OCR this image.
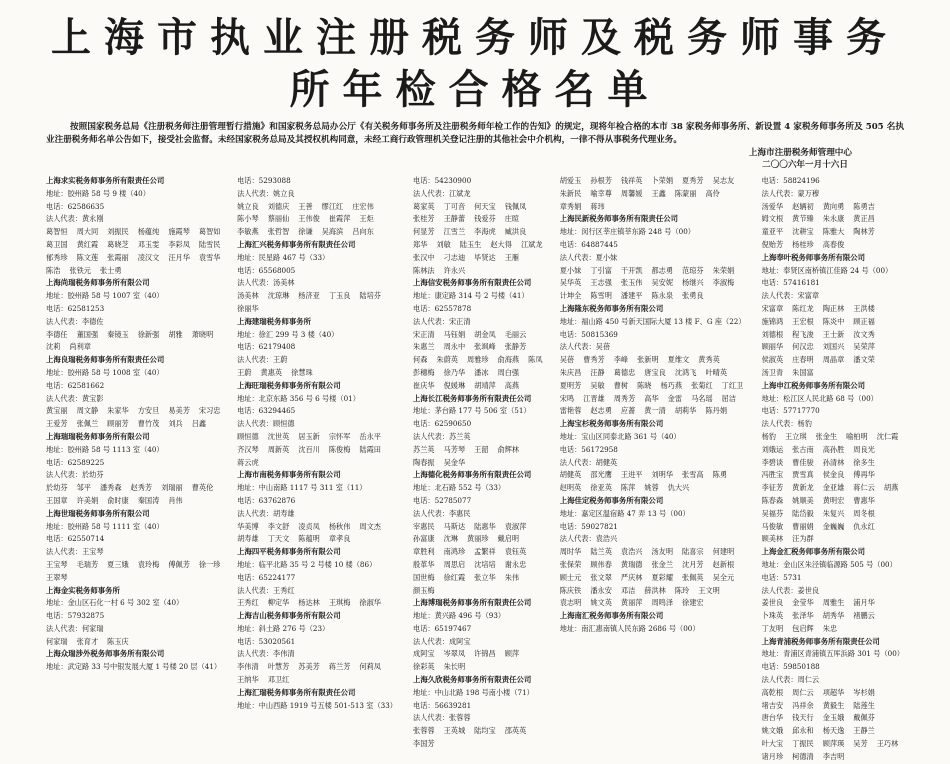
上海市执业注册税务师及税务师事务所年检合格名单
按照国家税务总局《注册税务师注册管理暂行措施》和国家税务总局办公厅《有关税务师事务所及注册税务师年检工作的告知》的规定，现将年检合格的本市 38 家税务师事务所、新设置 4 家税务师事务所及 505 名执业注册税务师名单公告如下，接受社会监督。未经国家税务总局及其授权机构同意，未经工商行政管理机关登记注册的其他社会中介机构，一律不得从事税务代理业务。
上海市注册税务师管理中心
二〇〇六年一月十六日
上海求实税务师事务所有限责任公司
地址：胶州路 58 号 9 楼（40）
电话：62586635
法人代表：黄永刚
葛智恒 周大同 刘振民 杨蕴纯 施霞琴 葛智如
葛卫国 黄红霞 葛晓芝 邓玉雯 李彩凤 陆雪民
郁秀珍 陈文莲 张霞丽 凌汉文 汪月华 袁雪华
陈浩 张铁元 张士勇
上海尚瑞税务师事务所有限公司
地址：胶州路 58 号 1007 室（40）
电话：62581253
法人代表：李德佐
李德任 董国强 秦镜玉 徐新强 胡雅 萧晓明
沈莉 尚利章
上海良瑞税务师事务所有限责任公司
地址：胶州路 58 号 1008 室（40）
电话：62581662
法人代表：黄宝影
黄宝丽 周文静 朱家华 方安旦 易美芳 宋习忠
王爱芳 张佩兰 顾丽芳 曹竹茂 刘兵 吕鑫
上海瑞瑞税务师事务所有限公司
地址：胶州路 58 号 1113 室（40）
电话：62589225
法人代表：於幼芬
於幼芬 邹平 潘秀森 赵秀芳 刘瑞丽 曹英伦
王国章 许美娟 俞时康 秦国涛 肖伟
上海世瑞税务师事务所有限公司
地址：胶州路 58 号 1111 室（40）
电话：62550714
法人代表：王宝琴
王宝琴 毛瑞芳 夏三娥 袁玲梅 傅佩芳 徐一珍
王翠琴
上海金实税务师事务所
地址：金山区石化一村 6 号 302 室（40）
电话：57932875
法人代表：何家瑞
何家瑞 张育才 陈玉庆
上海众瑞涉外税务师事务所有限公司
地址：武定路 33 号中银发展大厦 1 号楼 20 层（41）
电话：5293088
法人代表：姚立良
姚立良 刘德庆 王善 缪江红 庄宏伟
陈小琴 蔡丽仙 王伟俊 崔霞萍 王炬
李敏燕 张哲智 徐谦 吴海滨 吕向东
上海汇兴税务师事务所有限责任公司
地址：民星路 467 号（33）
电话：65568005
法人代表：汤美林
汤美林 沈琼琳 杨济亚 丁玉良 陆培芬
徐丽华
上海建瑞税务师事务所
地址：徐汇 299 号 3 楼（40）
电话：62179408
法人代表：王蔚
王蔚 黄惠英 徐慧珠
上海旺瑞税务师事务所有限公司
地址：北京东路 356 号 6 号楼（01）
电话：63294465
法人代表：顾恒德
顾恒德 沈世英 居玉新 宗怀军 岳永平
齐汉琴 周新英 沈百川 陈俊梅 陆霞田
蒋云虎
上海市南税务师事务所有限公司
地址：中山南路 1117 号 311 室（11）
电话：63762876
法人代表：胡寿雄
华美博 李文舒 凌贞凤 杨秋伟 周文杰
胡寿雄 丁天文 陈蕴明 章孝良
上海四平税务师事务所有限公司
地址：临平北路 35 号 2 号楼 10 楼（86）
电话：65224177
法人代表：王秀红
王秀红 柳定华 杨达林 王琪梅 徐淑华
上海吉山税务师事务所有限公司
地址：斜土路 276 号（23）
电话：53020561
法人代表：李伟清
李伟清 叶慧芳 苏美芳 蒋兰芳 何莉凤
王纳华 邓卫红
上海汇瑞税务师事务所有限责任公司
地址：中山西路 1919 号五楼 501-513 室（33）
电话：54230900
法人代表：江斌龙
葛家英 丁可音 何天宝 钱佩凤
张桂芳 王静蕾 钱爱芬 庄暄
何显芳 江雪兰 李海虎 臧洪良
郑华 刘敏 陆玉生 赵大得 江斌龙
张汉中 刁志迪 毕贤达 王雁
陈林法 许永兴
上海信安税务师事务所有限责任公司
地址：康定路 314 号 2 号楼（41）
电话：62557878
法人代表：宋正清
宋正清 马钰娟 胡金凤 毛丽云
朱惠兰 周永中 张飒峰 张静芳
何森 朱蔚英 周雅珍 俞海燕 陈凤
彭穗梅 徐乃华 潘冰 周白强
崔庆华 倪媛琳 胡靖萍 高燕
上海长江税务师事务所有限责任公司
地址：茅台路 177 号 506 室（51）
电话：62590650
法人代表：苏兰英
苏兰英 马芳琴 王韶 俞辉林
陶春振 吴金华
上海德化税务师事务所有限责任公司
地址：北石路 552 号（33）
电话：52785077
法人代表：李惠民
宰惠民 马斯达 陆惠华 袁淑萍
孙富康 沈琳 黄丽珍 戴启明
章胜利 南鸿珍 孟繁祥 袁钰英
殷革华 周思启 沈培培 谢永忠
国世梅 徐红霞 张立华 朱伟
颜玉梅
上海博瑞税务师事务所有限责任公司
地址：黄兴路 496 号（93）
电话：65197467
法人代表：成阿宝
成阿宝 岑翠凤 许锦昌 顾萍
徐彩英 朱长明
上海久欣税务师事务所有限责任公司
地址：中山北路 198 号南小楼（71）
电话：56639281
法人代表：张蓉蓉
张蓉蓉 王英城 陆均宝 邵英英
李国芳
胡爱玉 孙根芳 钱祥英 卜荣娟 夏秀芳 吴志友
朱新民 喻幸尊 周馨媛 王鑫 陈蒙丽 高伶
章秀娟 蒋玮
上海民新税务师事务所有限责任公司
地址：闵行区莘庄镇莘东路 248 号（00）
电话：64887445
法人代表：夏小妹
夏小妹 丁引富 干开凯 都志勇 范琼芬 朱荣娟
吴华英 王志强 张玉伟 吴安妮 杨继兴 李淑梅
计坤全 陈雪明 潘建平 陈永泉 张勇良
上海隆东税务师事务所有限公司
地址：福山路 450 号新天国际大厦 13 楼 F、G 座（22）
电话：50815369
法人代表：吴蓓
吴蓓 曹秀芳 李峰 张新明 夏维文 黄秀英
朱庆昌 汪静 葛德忠 唐宝良 沈鸿飞 叶晴英
夏明芳 吴敏 曹树 陈晓 杨巧燕 张菊红 丁红卫
宋鸣 江晋雄 周秀芳 高华 金雷 马名瑶 屈洁
雷艳蓉 赵志勇 应蔷 黄一清 胡莉华 陈丹娟
上海宝杉税务师事务所有限公司
地址：宝山区同泰北路 361 号（40）
电话：56172958
法人代表：胡健英
胡健英 邵光鹰 王进平 刘明华 张雪高 陈勇
赵明英 徐亚英 陈萍 姚蓉 仇大兴
上海佳定税务师事务所有限公司
地址：嘉定区温宿路 47 弄 13 号（00）
电话：59027821
法人代表：袁浩兴
周时华 陆兰英 袁浩兴 汤友明 陆喜宗 何建明
张保荣 顾伟春 黄瑞德 张金兰 沈月芳 赵新根
顾士元 张文翠 严庆林 夏彩耀 张佩英 吴全元
陈庆铁 潘永安 邓洁 薛洪林 陈玲 王文明
袁志明 姚文英 黄丽萍 周鸣泽 徐建宏
上海南汇税务师事务所有限公司
地址：南汇惠南镇人民东路 2686 号（00）
电话：58824196
法人代表：蒙万穆
汤爱华 赵辆初 黄向勇 陈勇吉
姆文根 黄节臻 朱永康 黄正昌
童亚平 沈耕宝 陈雅大 陶林芳
倪贻芳 杨桂珍 高春俊
上海奉叶税务师事务所有限公司
地址：奉贤区南桥镇江佳路 24 号（00）
电话：57416181
法人代表：宋富章
宋富章 陈红龙 陶正林 王洪楼
施锦鸿 王宏根 陈炎中 顾正福
刘德根 程飞浚 王士新 汝文秀
顾丽华 何汉忠 刘国兴 吴荣萍
侯淑英 庄春明 周晶章 潘文荣
汤卫青 朱国富
上海申江税务师事务所有限公司
地址：松江区人民北路 68 号（00）
电话：57717770
法人代表：杨豹
杨豹 王立琪 张金生 喻柏明 沈仁霞
刘娥运 张古南 高孙胜 周良光
李碧谈 曹佳骏 孙清林 徐多生
冯胜宝 贾雪真 侯金良 傅再华
李征芳 黄新龙 金亚雄 蒋仁云 胡燕
陈春森 姚顺美 黄明宏 曹惠华
吴福芬 陆岱毅 朱复兴 周冬根
马俊敏 曹丽娟 金巍巍 仇永红
顾美林 汪为群
上海金汇税务师事务所有限公司
地址：金山区朱泾镇临源路 505 号（00）
电话：5731
法人代表：姜世良
姜世良 金莹华 周雅生 浦月华
卜珠英 张泽华 胡秀华 褚鹏云
丁友明 包启辉 朱忠
上海青浦税务师事务所有限责任公司
地址：青浦区青浦镇五厍浜路 301 号（00）
电话：59850188
法人代表：周仁云
高乾根 周仁云 项超华 岑杉娟
堵吉安 冯祥余 黄毅生 陆莲生
唐台华 钱天行 金玉娥 戴佩芬
姚文娥 邱永和 杨天逸 王静兰
叶大宝 丁振民 顾萍瑛 吴芳 王巧林
诸月珍 柯德清 李吉明
